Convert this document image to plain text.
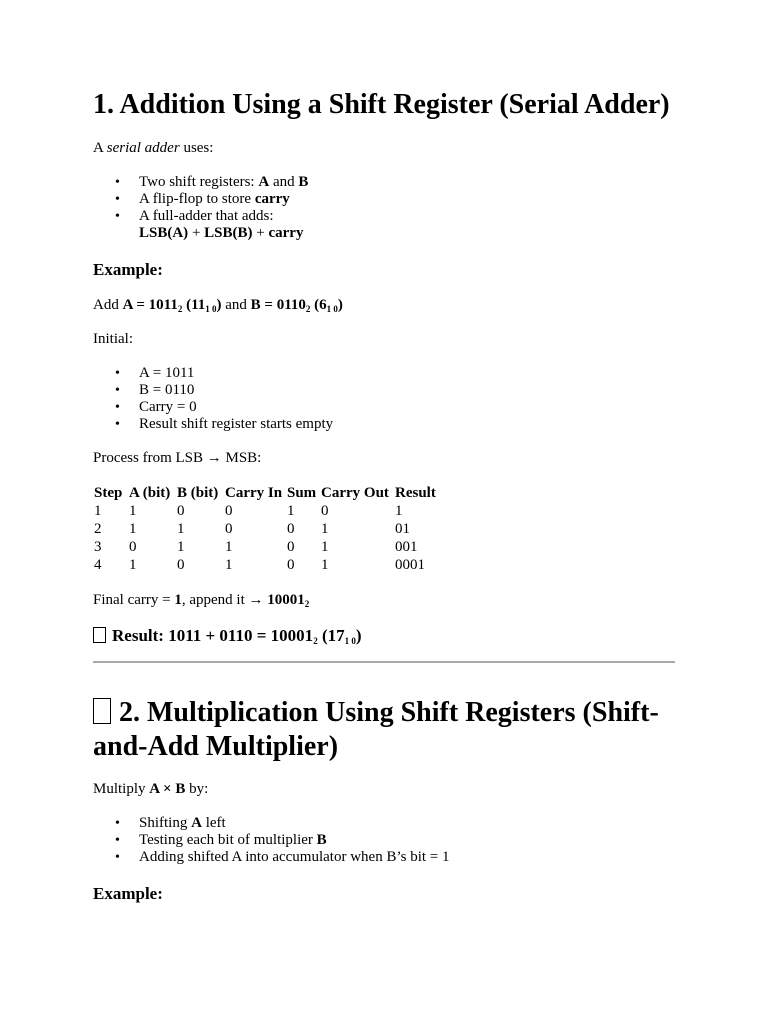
1. Addition Using a Shift Register (Serial Adder)

A serial adder uses:

• Two shift registers: A and B
• A flip-flop to store carry
• A full-adder that adds:
LSB(A) + LSB(B) + carry
Example:

Add $A = 1011_2$ $(11_{1 0})$ and $B = 0110_2$ $(6_{1 0})$

Initial:

• A = 1011
• B = 0110
• Carry = 0
• Result shift register starts empty

Process from LSB → MSB:

Step	A (bit)	B (bit)	Carry In	Sum	Carry Out	Result
1	1	0	0	1	0	1
2	1	1	0	0	1	01
3	0	1	1	0	1	001
4	1	0	1	0	1	0001

Final carry = 1, append it → $10001_2$

Result: $1011 + 0110 = 10001_2$ $(17_{1 0})$
2. Multiplication Using Shift Registers (Shift-and-Add Multiplier)

Multiply A × B by:

• Shifting A left
• Testing each bit of multiplier B
• Adding shifted A into accumulator when B’s bit = 1
Example:
